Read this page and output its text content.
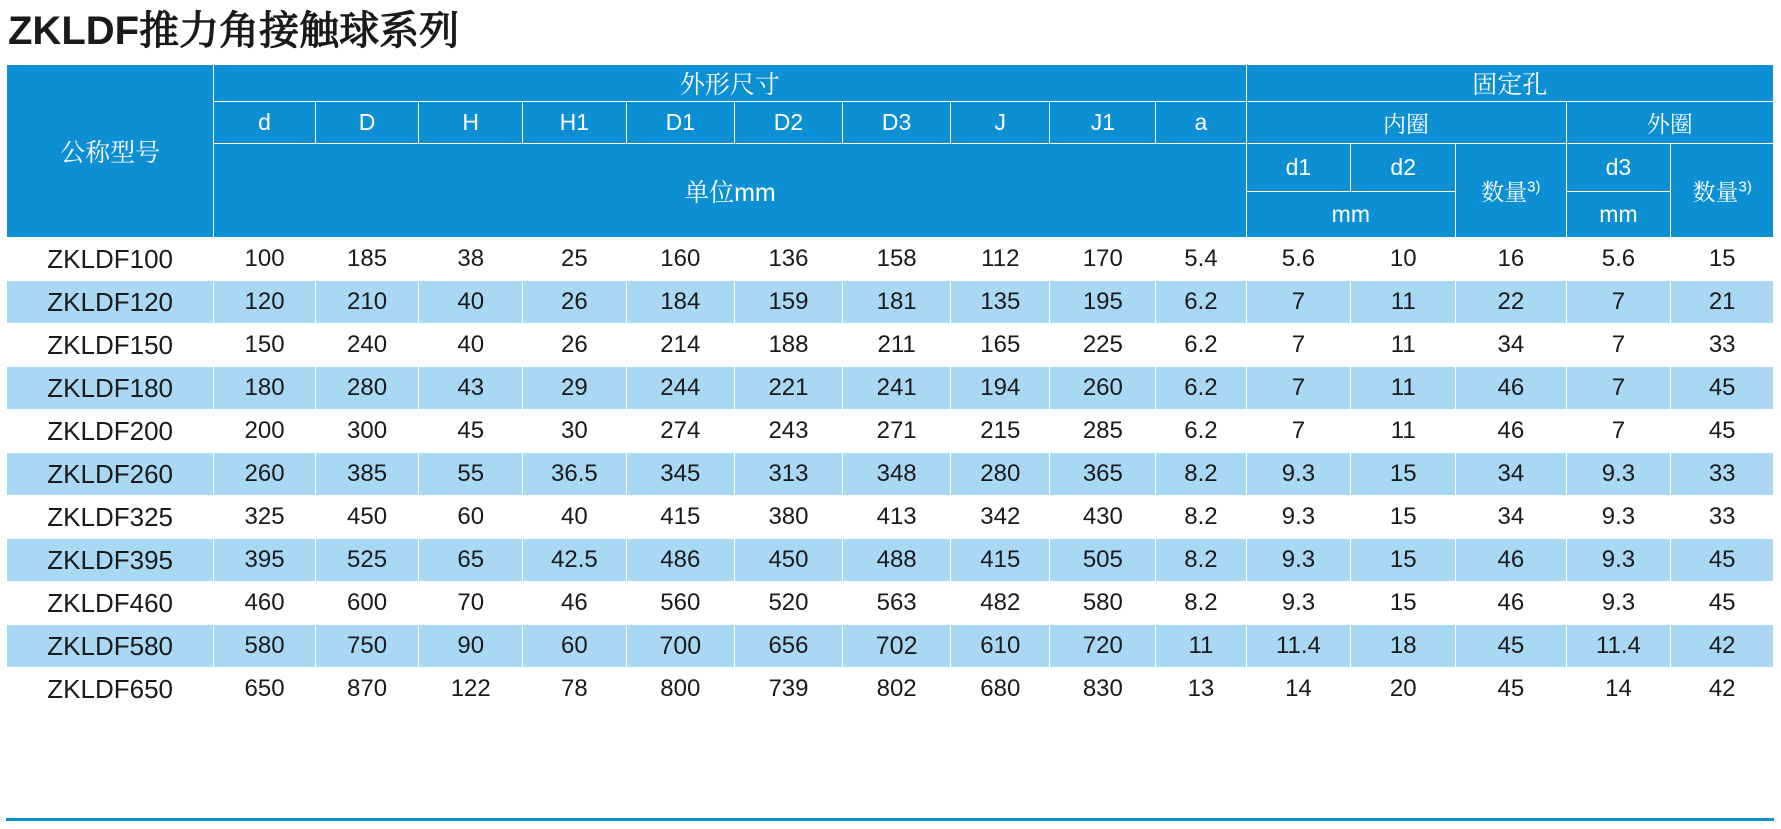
ZKLDF推力角接触球系列
公称型号	外形尺寸										固定孔				
	d	D	H	H1	D1	D2	D3	J	J1	a	内圈			外圈	
	单位mm										d1	d2	数量$^{3)}$	d3	数量$^{3)}$
											mm			mm	
ZKLDF100	100	185	38	25	160	136	158	112	170	5.4	5.6	10	16	5.6	15
ZKLDF120	120	210	40	26	184	159	181	135	195	6.2	7	11	22	7	21
ZKLDF150	150	240	40	26	214	188	211	165	225	6.2	7	11	34	7	33
ZKLDF180	180	280	43	29	244	221	241	194	260	6.2	7	11	46	7	45
ZKLDF200	200	300	45	30	274	243	271	215	285	6.2	7	11	46	7	45
ZKLDF260	260	385	55	36.5	345	313	348	280	365	8.2	9.3	15	34	9.3	33
ZKLDF325	325	450	60	40	415	380	413	342	430	8.2	9.3	15	34	9.3	33
ZKLDF395	395	525	65	42.5	486	450	488	415	505	8.2	9.3	15	46	9.3	45
ZKLDF460	460	600	70	46	560	520	563	482	580	8.2	9.3	15	46	9.3	45
ZKLDF580	580	750	90	60	700	656	702	610	720	11	11.4	18	45	11.4	42
ZKLDF650	650	870	122	78	800	739	802	680	830	13	14	20	45	14	42
